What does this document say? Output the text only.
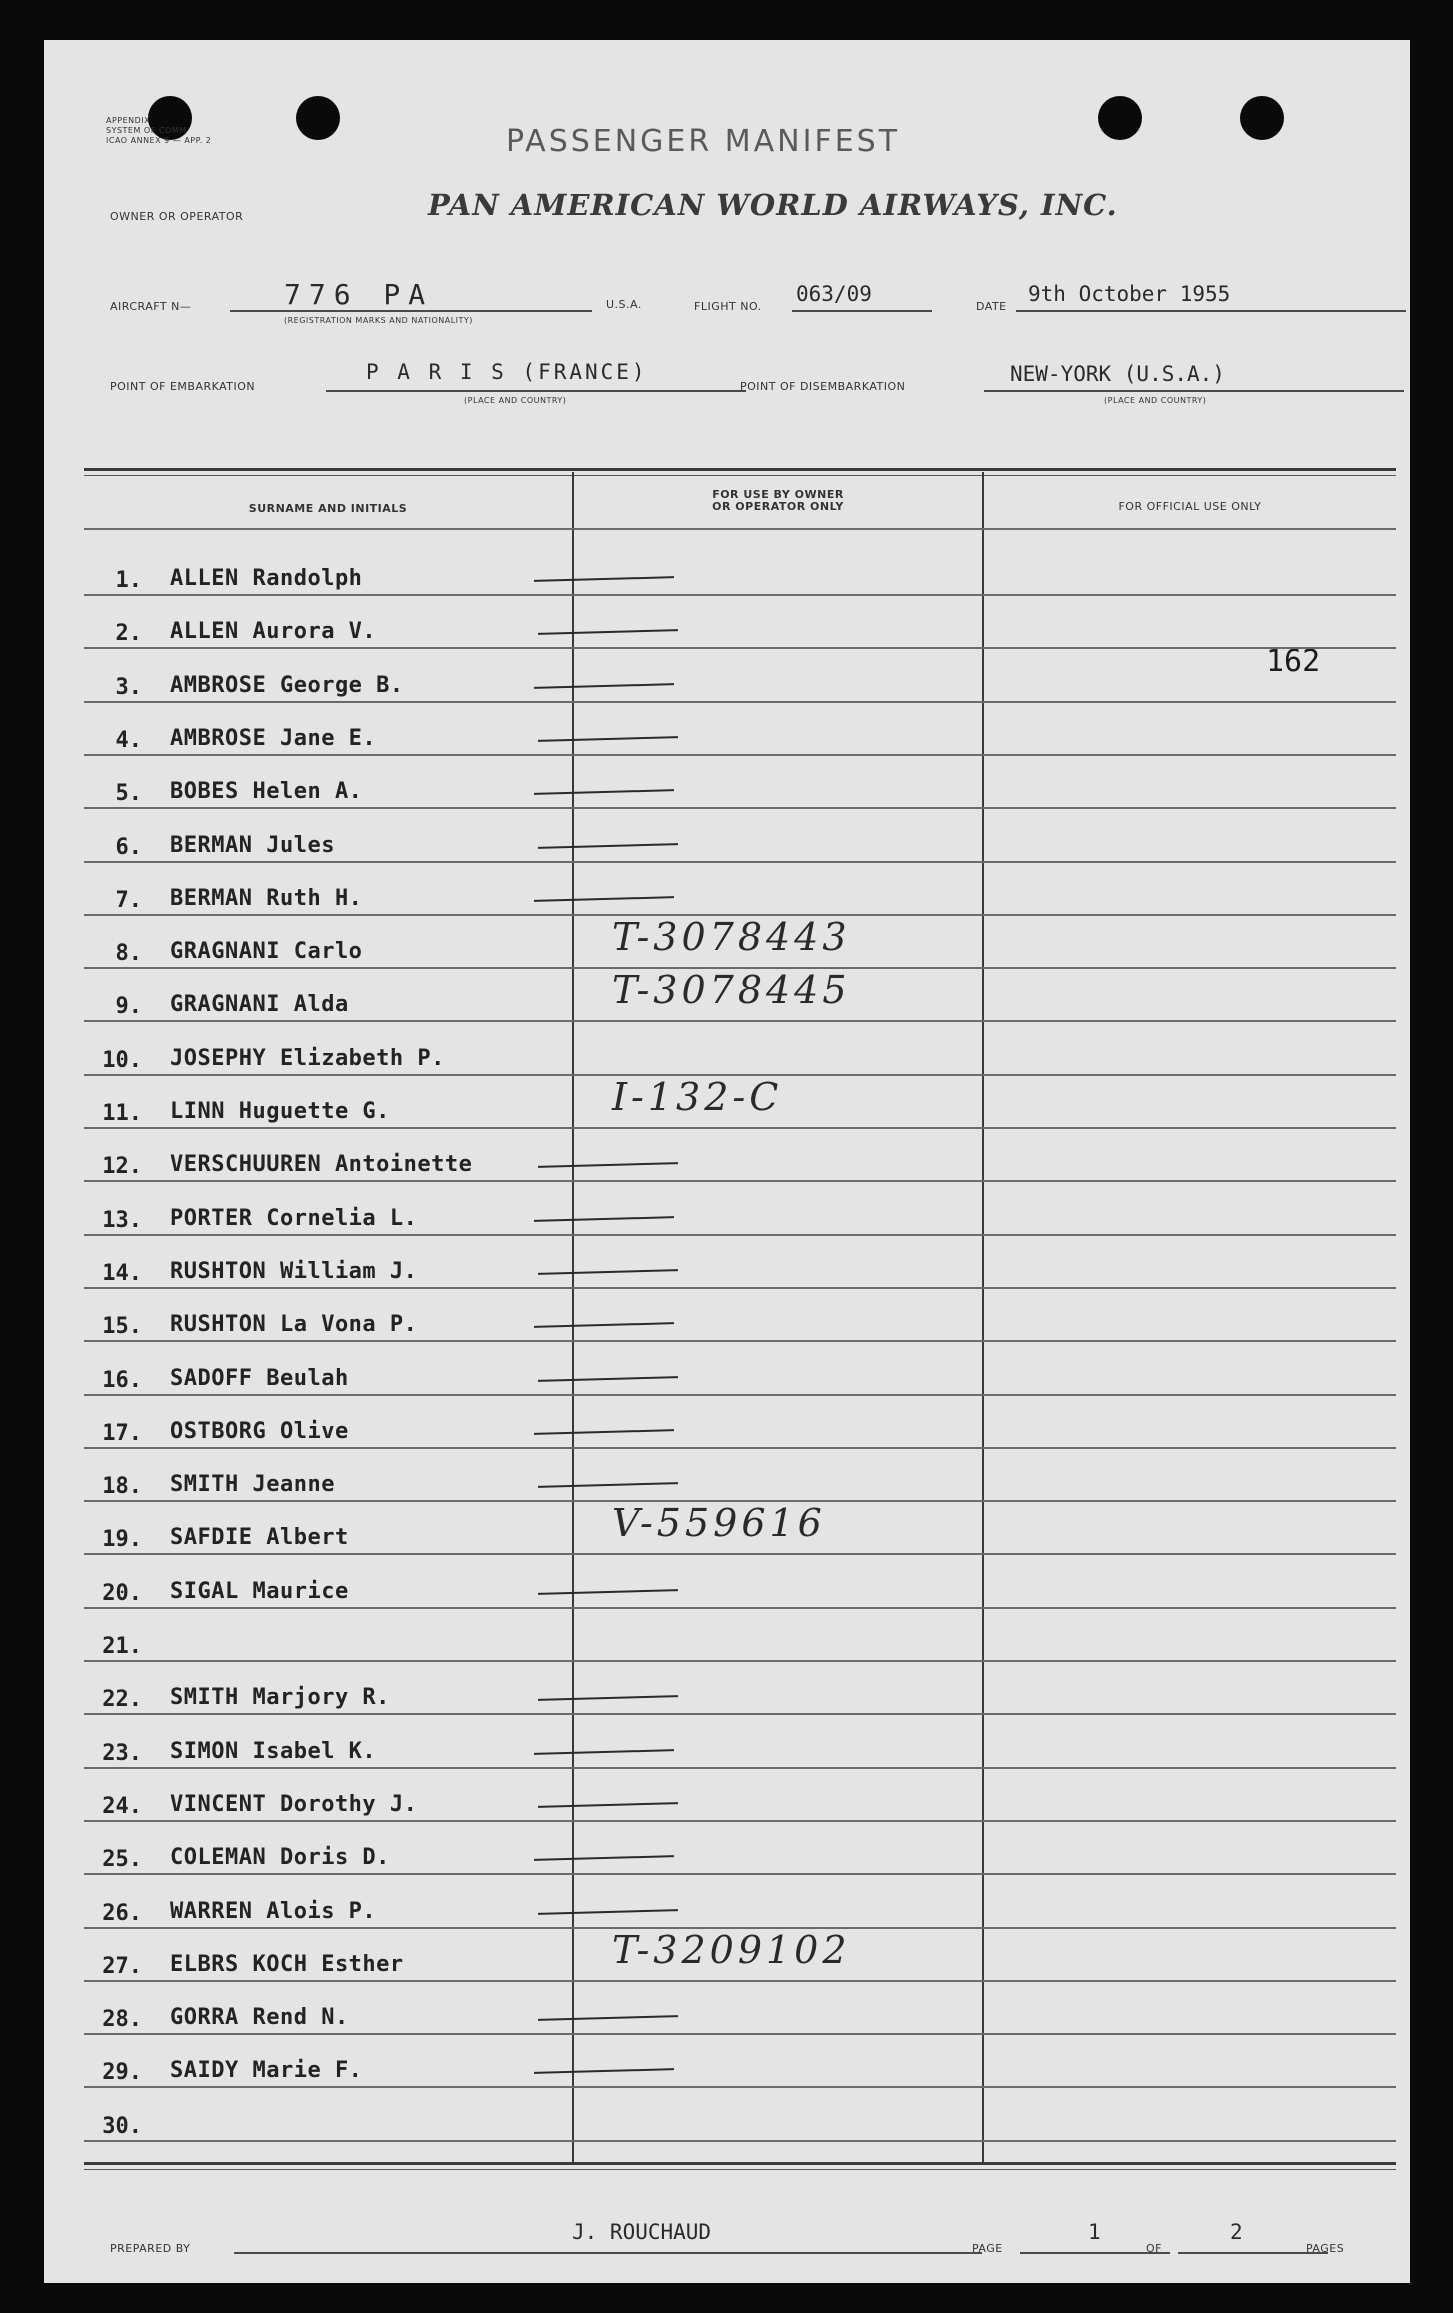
APPENDIX
SYSTEM OF COMM
ICAO ANNEX 9 — APP. 2	PASSENGER MANIFEST
OWNER OR OPERATOR	PAN AMERICAN WORLD AIRWAYS, INC.
AIRCRAFT N—	776 PA
(REGISTRATION MARKS AND NATIONALITY)
U.S.A.	FLIGHT NO.
063/09
DATE
9th October 1955
POINT OF EMBARKATION
P A R I S (FRANCE)
(PLACE AND COUNTRY)
POINT OF DISEMBARKATION
NEW-YORK (U.S.A.)
(PLACE AND COUNTRY)
SURNAME AND INITIALS
FOR USE BY OWNER
OR OPERATOR ONLY	FOR OFFICIAL USE ONLY
162
1. ALLEN Randolph
2. ALLEN Aurora V.
3. AMBROSE George B.
4. AMBROSE Jane E.
5. BOBES Helen A.
6. BERMAN Jules
7. BERMAN Ruth H.
8. GRAGNANI Carlo	T-3078443
9. GRAGNANI Alda	T-3078445
10. JOSEPHY Elizabeth P.
11. LINN Huguette G.	I-132-C
12. VERSCHUUREN Antoinette
13. PORTER Cornelia L.
14. RUSHTON William J.
15. RUSHTON La Vona P.
16. SADOFF Beulah
17. OSTBORG Olive
18. SMITH Jeanne
19. SAFDIE Albert	V-559616
20. SIGAL Maurice
21.
22. SMITH Marjory R.
23. SIMON Isabel K.
24. VINCENT Dorothy J.
25. COLEMAN Doris D.
26. WARREN Alois P.
27. ELBRS KOCH Esther	T-3209102
28. GORRA Rend N.
29. SAIDY Marie F.
30.
PREPARED BY
J. ROUCHAUD
PAGE
1
OF
2
PAGES
